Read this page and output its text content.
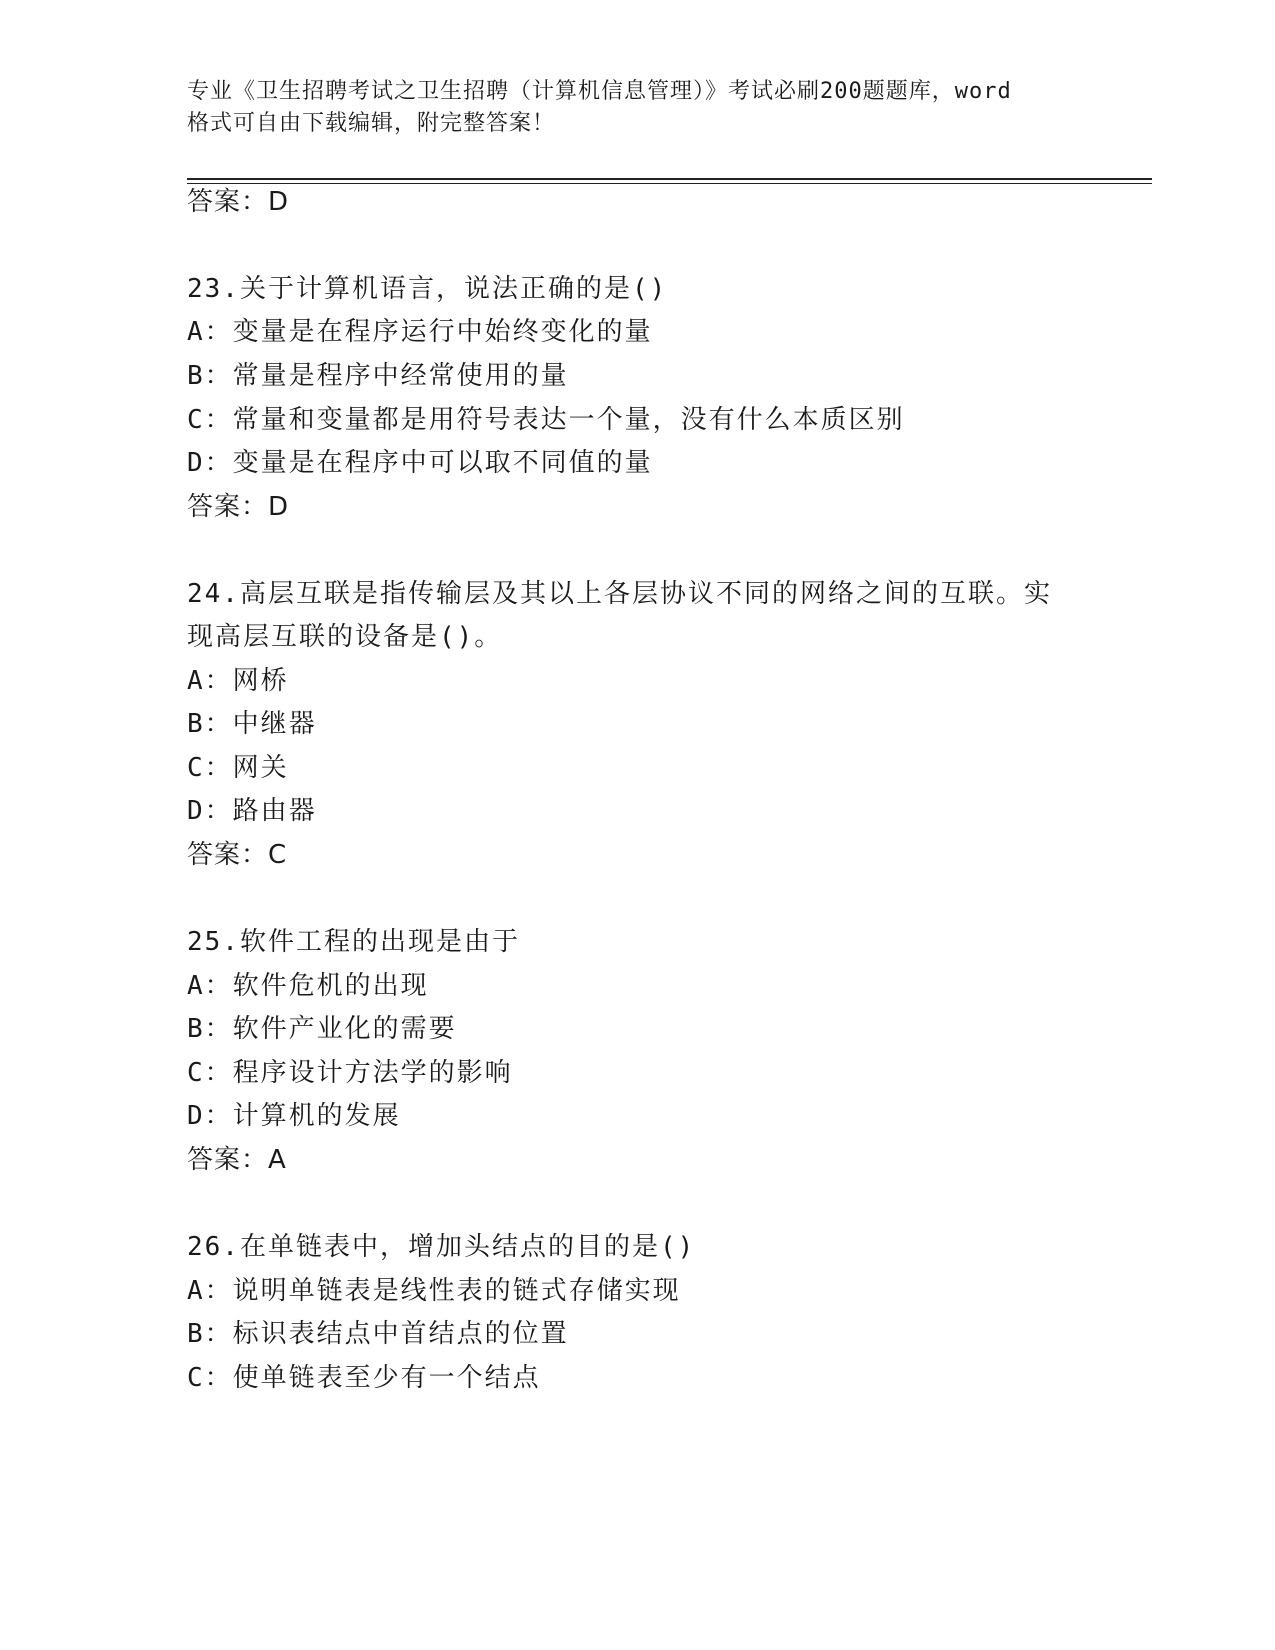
专业《卫生招聘考试之卫生招聘（计算机信息管理）》考试必刷200题题库，word
格式可自由下载编辑，附完整答案！
答案：D
23.关于计算机语言，说法正确的是()
A：变量是在程序运行中始终变化的量
B：常量是程序中经常使用的量
C：常量和变量都是用符号表达一个量，没有什么本质区别
D：变量是在程序中可以取不同值的量
答案：D
24.高层互联是指传输层及其以上各层协议不同的网络之间的互联。实
现高层互联的设备是()。
A：网桥
B：中继器
C：网关
D：路由器
答案：C
25.软件工程的出现是由于
A：软件危机的出现
B：软件产业化的需要
C：程序设计方法学的影响
D：计算机的发展
答案：A
26.在单链表中，增加头结点的目的是()
A：说明单链表是线性表的链式存储实现
B：标识表结点中首结点的位置
C：使单链表至少有一个结点
